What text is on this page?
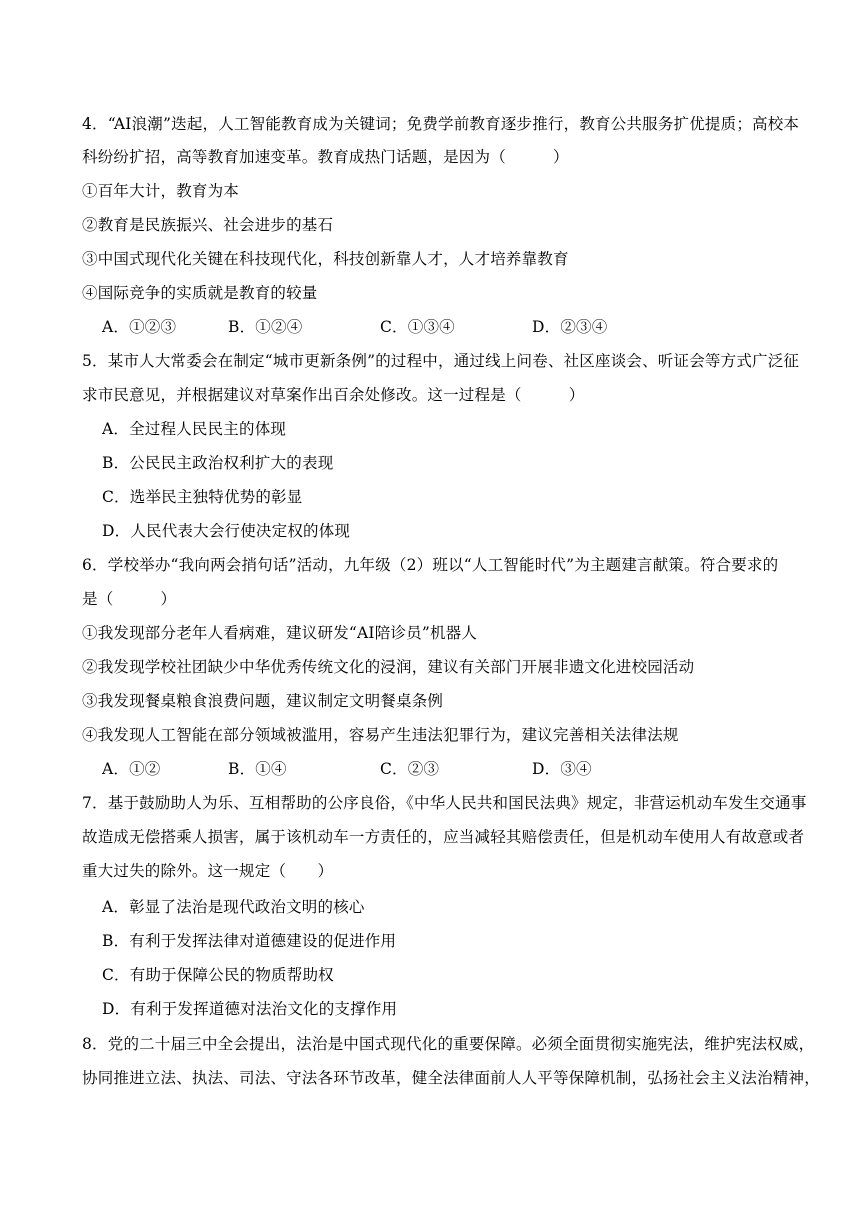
4．“AI浪潮”迭起，人工智能教育成为关键词；免费学前教育逐步推行，教育公共服务扩优提质；高校本
科纷纷扩招，高等教育加速变革。教育成热门话题，是因为（　　　）
①百年大计，教育为本
②教育是民族振兴、社会进步的基石
③中国式现代化关键在科技现代化，科技创新靠人才，人才培养靠教育
④国际竞争的实质就是教育的较量
A．①②③	B．①②④	C．①③④	D．②③④
5．某市人大常委会在制定“城市更新条例”的过程中，通过线上问卷、社区座谈会、听证会等方式广泛征
求市民意见，并根据建议对草案作出百余处修改。这一过程是（　　　）
A．全过程人民民主的体现
B．公民民主政治权利扩大的表现
C．选举民主独特优势的彰显
D．人民代表大会行使决定权的体现
6．学校举办“我向两会捎句话”活动，九年级（2）班以“人工智能时代”为主题建言献策。符合要求的
是（　　　）
①我发现部分老年人看病难，建议研发“AI陪诊员”机器人
②我发现学校社团缺少中华优秀传统文化的浸润，建议有关部门开展非遗文化进校园活动
③我发现餐桌粮食浪费问题，建议制定文明餐桌条例
④我发现人工智能在部分领域被滥用，容易产生违法犯罪行为，建议完善相关法律法规
A．①②	B．①④	C．②③	D．③④
7．基于鼓励助人为乐、互相帮助的公序良俗，《中华人民共和国民法典》规定，非营运机动车发生交通事
故造成无偿搭乘人损害，属于该机动车一方责任的，应当减轻其赔偿责任，但是机动车使用人有故意或者
重大过失的除外。这一规定（　　）
A．彰显了法治是现代政治文明的核心
B．有利于发挥法律对道德建设的促进作用
C．有助于保障公民的物质帮助权
D．有利于发挥道德对法治文化的支撑作用
8．党的二十届三中全会提出，法治是中国式现代化的重要保障。必须全面贯彻实施宪法，维护宪法权威，
协同推进立法、执法、司法、守法各环节改革，健全法律面前人人平等保障机制，弘扬社会主义法治精神，
